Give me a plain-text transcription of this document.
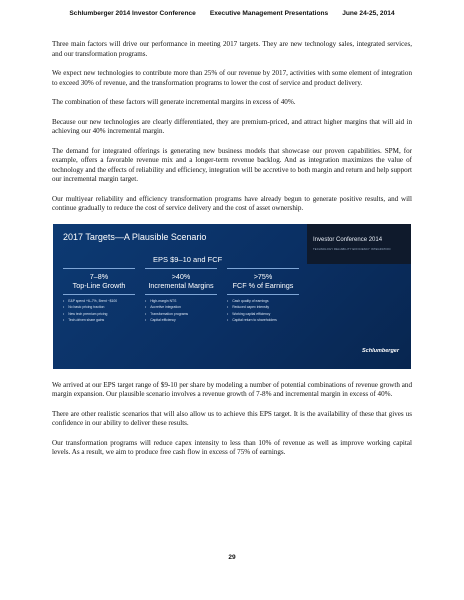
Schlumberger 2014 Investor Conference Executive Management Presentations June 24-25, 2014

Three main factors will drive our performance in meeting 2017 targets. They are new technology sales, integrated services, and our transformation programs.

We expect new technologies to contribute more than 25% of our revenue by 2017, activities with some element of integration to exceed 30% of revenue, and the transformation programs to lower the cost of service and product delivery.

The combination of these factors will generate incremental margins in excess of 40%.

Because our new technologies are clearly differentiated, they are premium-priced, and attract higher margins that will aid in achieving our 40% incremental margin.

The demand for integrated offerings is generating new business models that showcase our proven capabilities. SPM, for example, offers a favorable revenue mix and a longer-term revenue backlog. And as integration maximizes the value of technology and the effects of reliability and efficiency, integration will be accretive to both margin and return and help support our incremental margin target.

Our multiyear reliability and efficiency transformation programs have already begun to generate positive results, and will continue gradually to reduce the cost of service delivery and the cost of asset ownership.

2017 Targets—A Plausible Scenario	Investor Conference 2014
TECHNOLOGY RELIABILITY EFFICIENCY INTEGRATION
EPS $9–10 and FCF
7–8%
Top-Line Growth
• E&P spend +6–7%, Brent ~$100
• No basic pricing traction
• New tech premium pricing
• Tech-driven share gains
>40%
Incremental Margins
• High-margin NTS
• Accretive integration
• Transformation programs
• Capital efficiency
>75%
FCF % of Earnings
• Cash quality of earnings
• Reduced capex intensity
• Working capital efficiency
• Capital return to shareholders
Schlumberger

We arrived at our EPS target range of $9-10 per share by modeling a number of potential combinations of revenue growth and margin expansion. Our plausible scenario involves a revenue growth of 7-8% and incremental margin in excess of 40%.

There are other realistic scenarios that will also allow us to achieve this EPS target. It is the availability of these that gives us confidence in our ability to deliver these results.

Our transformation programs will reduce capex intensity to less than 10% of revenue as well as improve working capital levels. As a result, we aim to produce free cash flow in excess of 75% of earnings.

29
